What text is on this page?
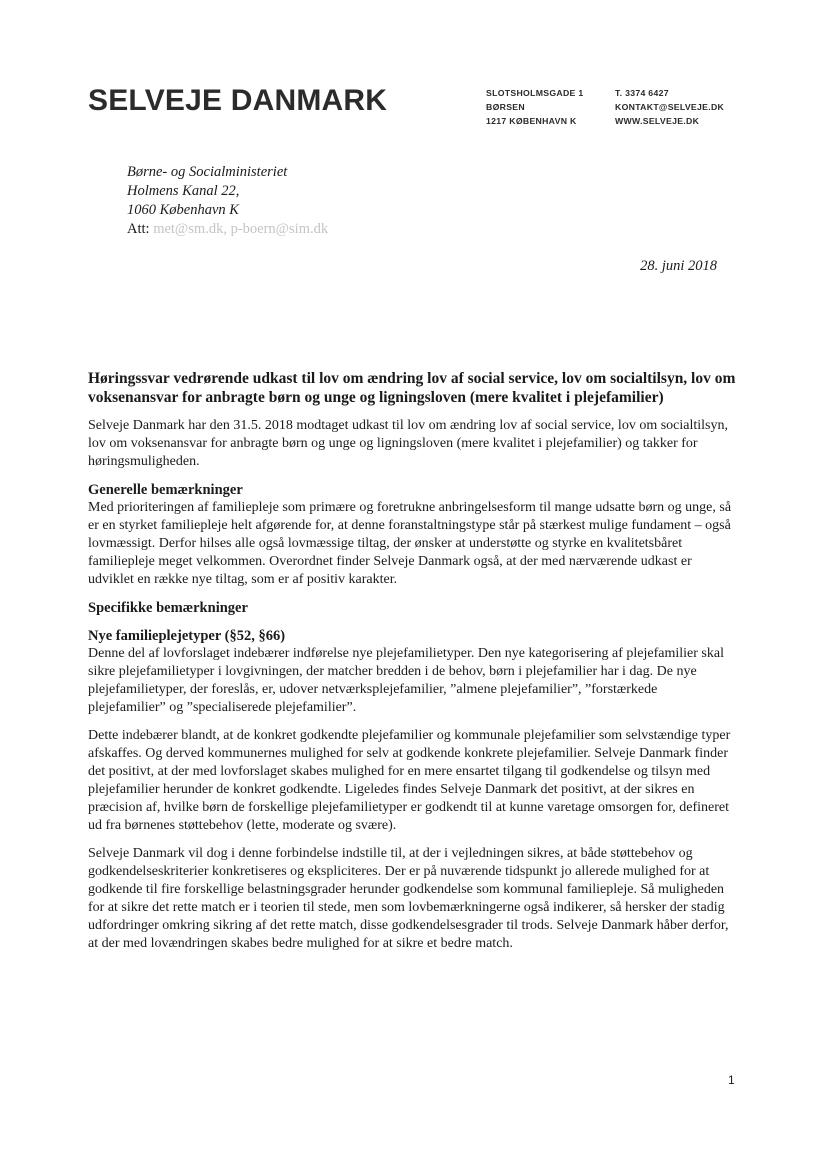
SELVEJE DANMARK	SLOTSHOLMSGADE 1
BØRSEN
1217 KØBENHAVN K
T. 3374 6427
KONTAKT@SELVEJE.DK
WWW.SELVEJE.DK
Børne- og Socialministeriet
Holmens Kanal 22,
1060 København K
Att: met@sm.dk, p-boern@sim.dk
28. juni 2018
Høringssvar vedrørende udkast til lov om ændring lov af social service, lov om socialtilsyn, lov om voksenansvar for anbragte børn og unge og ligningsloven (mere kvalitet i plejefamilier)

Selveje Danmark har den 31.5. 2018 modtaget udkast til lov om ændring lov af social service, lov om socialtilsyn, lov om voksenansvar for anbragte børn og unge og ligningsloven (mere kvalitet i plejefamilier) og takker for høringsmuligheden.

Generelle bemærkninger

Med prioriteringen af familiepleje som primære og foretrukne anbringelsesform til mange udsatte børn og unge, så er en styrket familiepleje helt afgørende for, at denne foranstaltningstype står på stærkest mulige fundament – også lovmæssigt. Derfor hilses alle også lovmæssige tiltag, der ønsker at understøtte og styrke en kvalitetsbåret familiepleje meget velkommen. Overordnet finder Selveje Danmark også, at der med nærværende udkast er udviklet en række nye tiltag, som er af positiv karakter.

Specifikke bemærkninger
Nye familieplejetyper (§52, §66)

Denne del af lovforslaget indebærer indførelse nye plejefamilietyper. Den nye kategorisering af plejefamilier skal sikre plejefamilietyper i lovgivningen, der matcher bredden i de behov, børn i plejefamilier har i dag. De nye plejefamilietyper, der foreslås, er, udover netværksplejefamilier, ”almene plejefamilier”, ”forstærkede plejefamilier” og ”specialiserede plejefamilier”.

Dette indebærer blandt, at de konkret godkendte plejefamilier og kommunale plejefamilier som selvstændige typer afskaffes. Og derved kommunernes mulighed for selv at godkende konkrete plejefamilier. Selveje Danmark finder det positivt, at der med lovforslaget skabes mulighed for en mere ensartet tilgang til godkendelse og tilsyn med plejefamilier herunder de konkret godkendte. Ligeledes findes Selveje Danmark det positivt, at der sikres en præcision af, hvilke børn de forskellige plejefamilietyper er godkendt til at kunne varetage omsorgen for, defineret ud fra børnenes støttebehov (lette, moderate og svære).

Selveje Danmark vil dog i denne forbindelse indstille til, at der i vejledningen sikres, at både støttebehov og godkendelseskriterier konkretiseres og ekspliciteres. Der er på nuværende tidspunkt jo allerede mulighed for at godkende til fire forskellige belastningsgrader herunder godkendelse som kommunal familiepleje. Så muligheden for at sikre det rette match er i teorien til stede, men som lovbemærkningerne også indikerer, så hersker der stadig udfordringer omkring sikring af det rette match, disse godkendelsesgrader til trods. Selveje Danmark håber derfor, at der med lovændringen skabes bedre mulighed for at sikre et bedre match.

1
